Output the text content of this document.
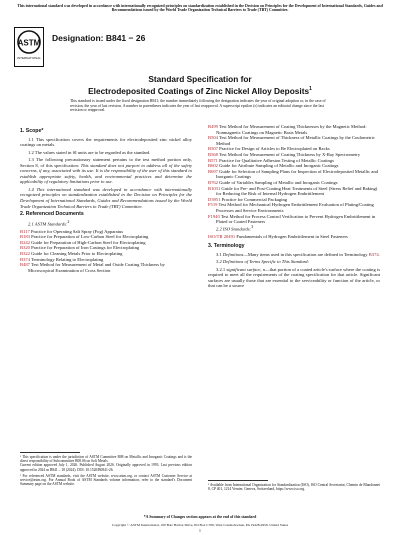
This international standard was developed in accordance with internationally recognized principles on standardization established in the Decision on Principles for the Development of International Standards, Guides and Recommendations issued by the World Trade Organization Technical Barriers to Trade (TBT) Committee.
ASTM
INTERNATIONAL
Designation: B841 − 26
Standard Specification for
Electrodeposited Coatings of Zinc Nickel Alloy Deposits$^1$
This standard is issued under the fixed designation B841; the number immediately following the designation indicates the year of original adoption or, in the case of revision, the year of last revision. A number in parentheses indicates the year of last reapproval. A superscript epsilon (ε) indicates an editorial change since the last revision or reapproval.
1. Scope*
1.1 This specification covers the requirements for electrodeposited zinc nickel alloy coatings on metals.
1.2 The values stated in SI units are to be regarded as the standard.
1.3 The following precautionary statement pertains to the test method portion only, Section 8, of this specification: This standard does not purport to address all of the safety concerns, if any, associated with its use. It is the responsibility of the user of this standard to establish appropriate safety, health, and environmental practices and determine the applicability of regulatory limitations prior to use.
1.4 This international standard was developed in accordance with internationally recognized principles on standardization established in the Decision on Principles for the Development of International Standards, Guides and Recommendations issued by the World Trade Organization Technical Barriers to Trade (TBT) Committee.
2. Referenced Documents
2.1 ASTM Standards:$^2$
B117 Practice for Operating Salt Spray (Fog) Apparatus
B183 Practice for Preparation of Low-Carbon Steel for Electroplating
B242 Guide for Preparation of High-Carbon Steel for Electroplating
B320 Practice for Preparation of Iron Castings for Electroplating
B322 Guide for Cleaning Metals Prior to Electroplating
B374 Terminology Relating to Electroplating
B487 Test Method for Measurement of Metal and Oxide Coating Thickness by Microscopical Examination of Cross Section
¹ This specification is under the jurisdiction of ASTM Committee B08 on Metallic and Inorganic Coatings and is the direct responsibility of Subcommittee B08.06 on Soft Metals.
Current edition approved July 1, 2026. Published August 2026. Originally approved in 1993. Last previous edition approved in 2024 as B841 – 18 (2024). DOI: 10.1520/B0841-26.
² For referenced ASTM standards, visit the ASTM website, www.astm.org, or contact ASTM Customer Service at service@astm.org. For Annual Book of ASTM Standards volume information, refer to the standard's Document Summary page on the ASTM website.
B499 Test Method for Measurement of Coating Thicknesses by the Magnetic Method: Nonmagnetic Coatings on Magnetic Basis Metals
B504 Test Method for Measurement of Thickness of Metallic Coatings by the Coulometric Method
B507 Practice for Design of Articles to Be Electroplated on Racks
B568 Test Method for Measurement of Coating Thickness by X-Ray Spectrometry
B571 Practice for Qualitative Adhesion Testing of Metallic Coatings
B602 Guide for Attribute Sampling of Metallic and Inorganic Coatings
B697 Guide for Selection of Sampling Plans for Inspection of Electrodeposited Metallic and Inorganic Coatings
B762 Guide of Variables Sampling of Metallic and Inorganic Coatings
B1031 Guide for Pre- and Post-Coating Heat Treatments of Steel (Stress Relief and Baking) for Reducing the Risk of Internal Hydrogen Embrittlement
D3951 Practice for Commercial Packaging
F519 Test Method for Mechanical Hydrogen Embrittlement Evaluation of Plating/Coating Processes and Service Environments
F1940 Test Method for Process Control Verification to Prevent Hydrogen Embrittlement in Plated or Coated Fasteners
2.2 ISO Standards:$^3$
ISO/TR 20491 Fundamentals of Hydrogen Embrittlement in Steel Fasteners
3. Terminology
3.1 Definitions—Many items used in this specification are defined in Terminology B374.
3.2 Definitions of Terms Specific to This Standard:
3.2.1 significant surface, n—that portion of a coated article's surface where the coating is required to meet all the requirements of the coating specification for that article. Significant surfaces are usually those that are essential to the serviceability or function of the article, or that can be a source
³ Available from International Organization for Standardization (ISO), ISO Central Secretariat, Chemin de Blandonnet 8, CP 401, 1214 Vernier, Geneva, Switzerland, https://www.iso.org.
*A Summary of Changes section appears at the end of this standard
Copyright © ASTM International, 100 Barr Harbor Drive, PO Box C700, West Conshohocken, PA 19428-2959. United States
1
